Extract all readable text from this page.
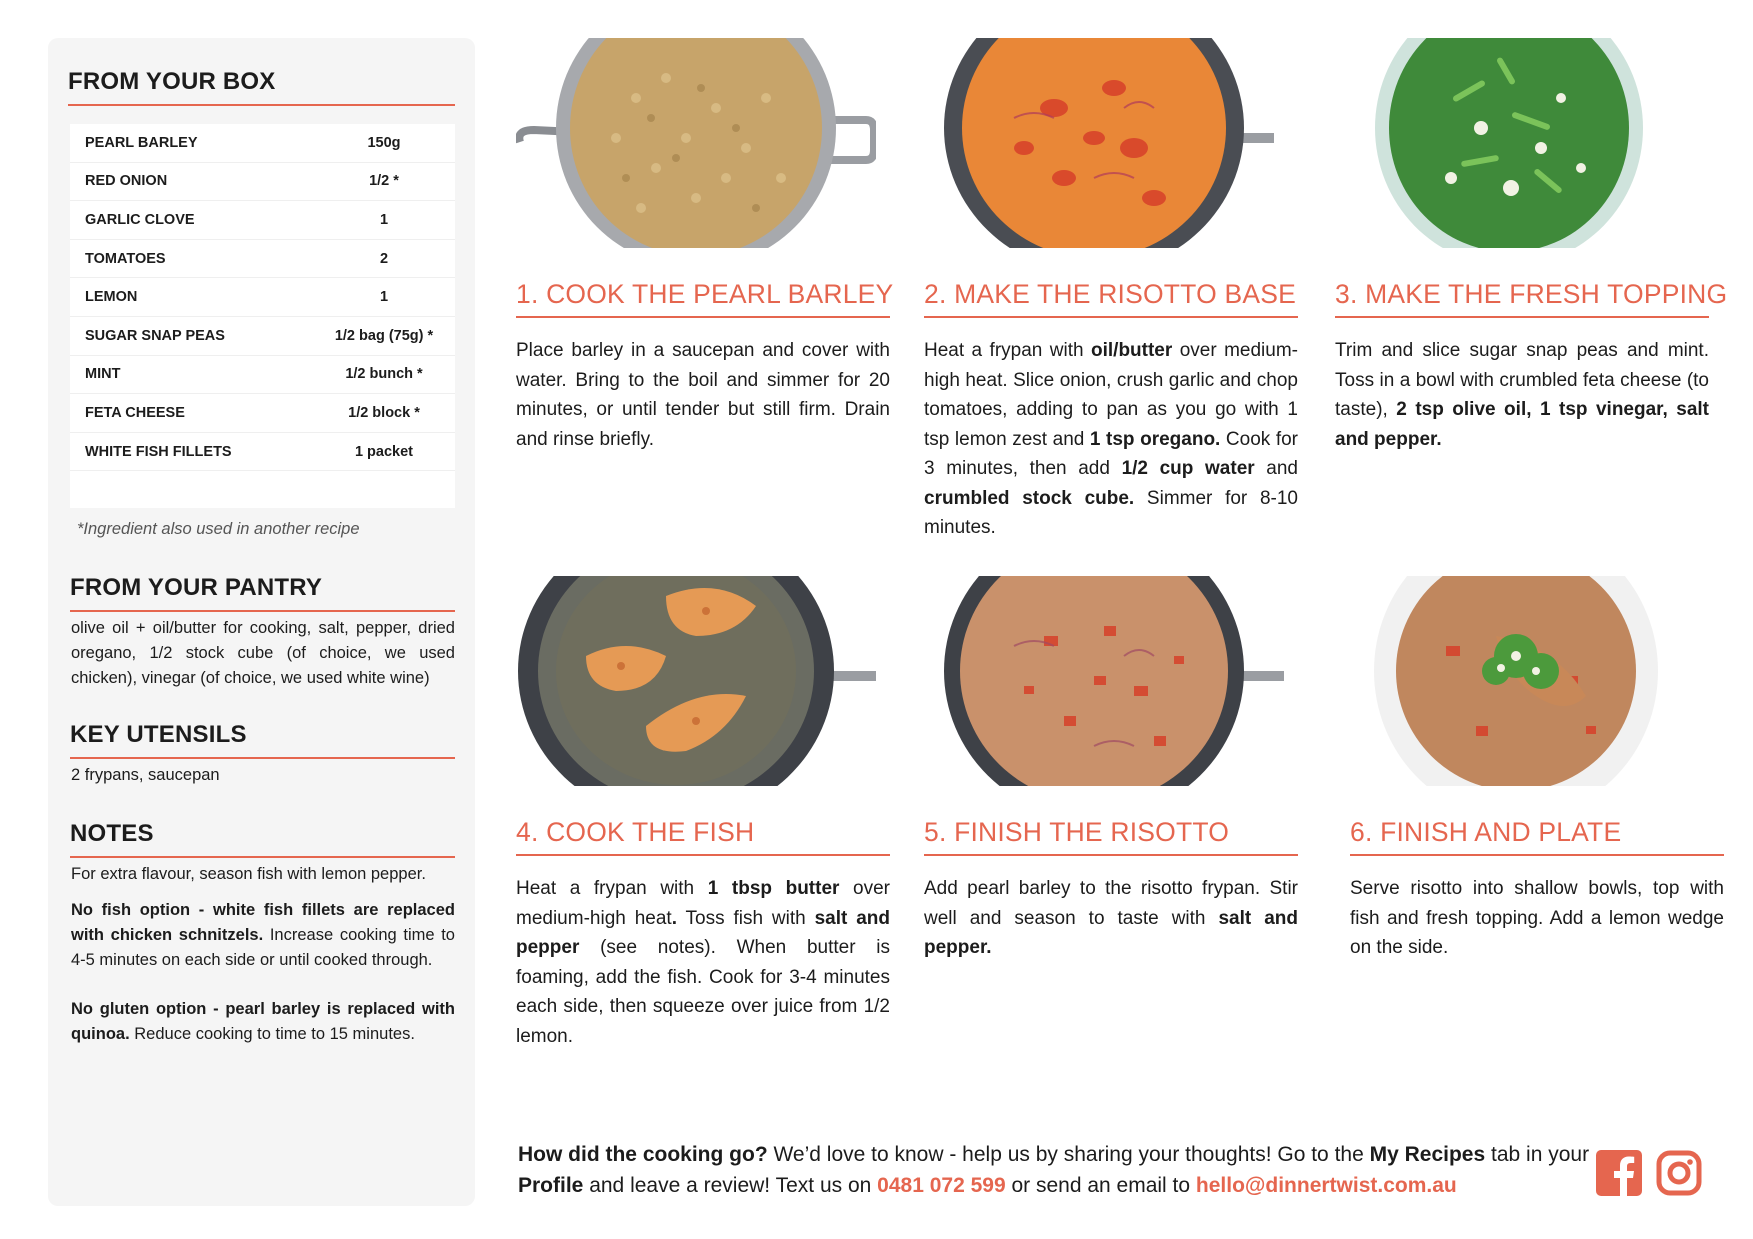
FROM YOUR BOX
PEARL BARLEY	150g
RED ONION	1/2 *
GARLIC CLOVE	1
TOMATOES	2
LEMON	1
SUGAR SNAP PEAS	1/2 bag (75g) *
MINT	1/2 bunch *
FETA CHEESE	1/2 block *
WHITE FISH FILLETS	1 packet
*Ingredient also used in another recipe
FROM YOUR PANTRY
olive oil + oil/butter for cooking, salt, pepper, dried oregano, 1/2 stock cube (of choice, we used chicken), vinegar (of choice, we used white wine)
KEY UTENSILS
2 frypans, saucepan
NOTES
For extra flavour, season fish with lemon pepper.
No fish option - white fish fillets are replaced with chicken schnitzels. Increase cooking time to 4-5 minutes on each side or until cooked through.
No gluten option - pearl barley is replaced with quinoa. Reduce cooking to time to 15 minutes.
1. COOK THE PEARL BARLEY
Place barley in a saucepan and cover with water. Bring to the boil and simmer for 20 minutes, or until tender but still firm. Drain and rinse briefly.
2. MAKE THE RISOTTO BASE
Heat a frypan with oil/butter over medium-high heat. Slice onion, crush garlic and chop tomatoes, adding to pan as you go with 1 tsp lemon zest and 1 tsp oregano. Cook for 3 minutes, then add 1/2 cup water and crumbled stock cube. Simmer for 8-10 minutes.
3. MAKE THE FRESH TOPPING
Trim and slice sugar snap peas and mint. Toss in a bowl with crumbled feta cheese (to taste), 2 tsp olive oil, 1 tsp vinegar, salt and pepper.
4. COOK THE FISH
Heat a frypan with 1 tbsp butter over medium-high heat. Toss fish with salt and pepper (see notes). When butter is foaming, add the fish. Cook for 3-4 minutes each side, then squeeze over juice from 1/2 lemon.
5. FINISH THE RISOTTO
Add pearl barley to the risotto frypan. Stir well and season to taste with salt and pepper.
6. FINISH AND PLATE
Serve risotto into shallow bowls, top with fish and fresh topping. Add a lemon wedge on the side.
How did the cooking go? We’d love to know - help us by sharing your thoughts! Go to the My Recipes tab in your Profile and leave a review! Text us on 0481 072 599 or send an email to hello@dinnertwist.com.au
